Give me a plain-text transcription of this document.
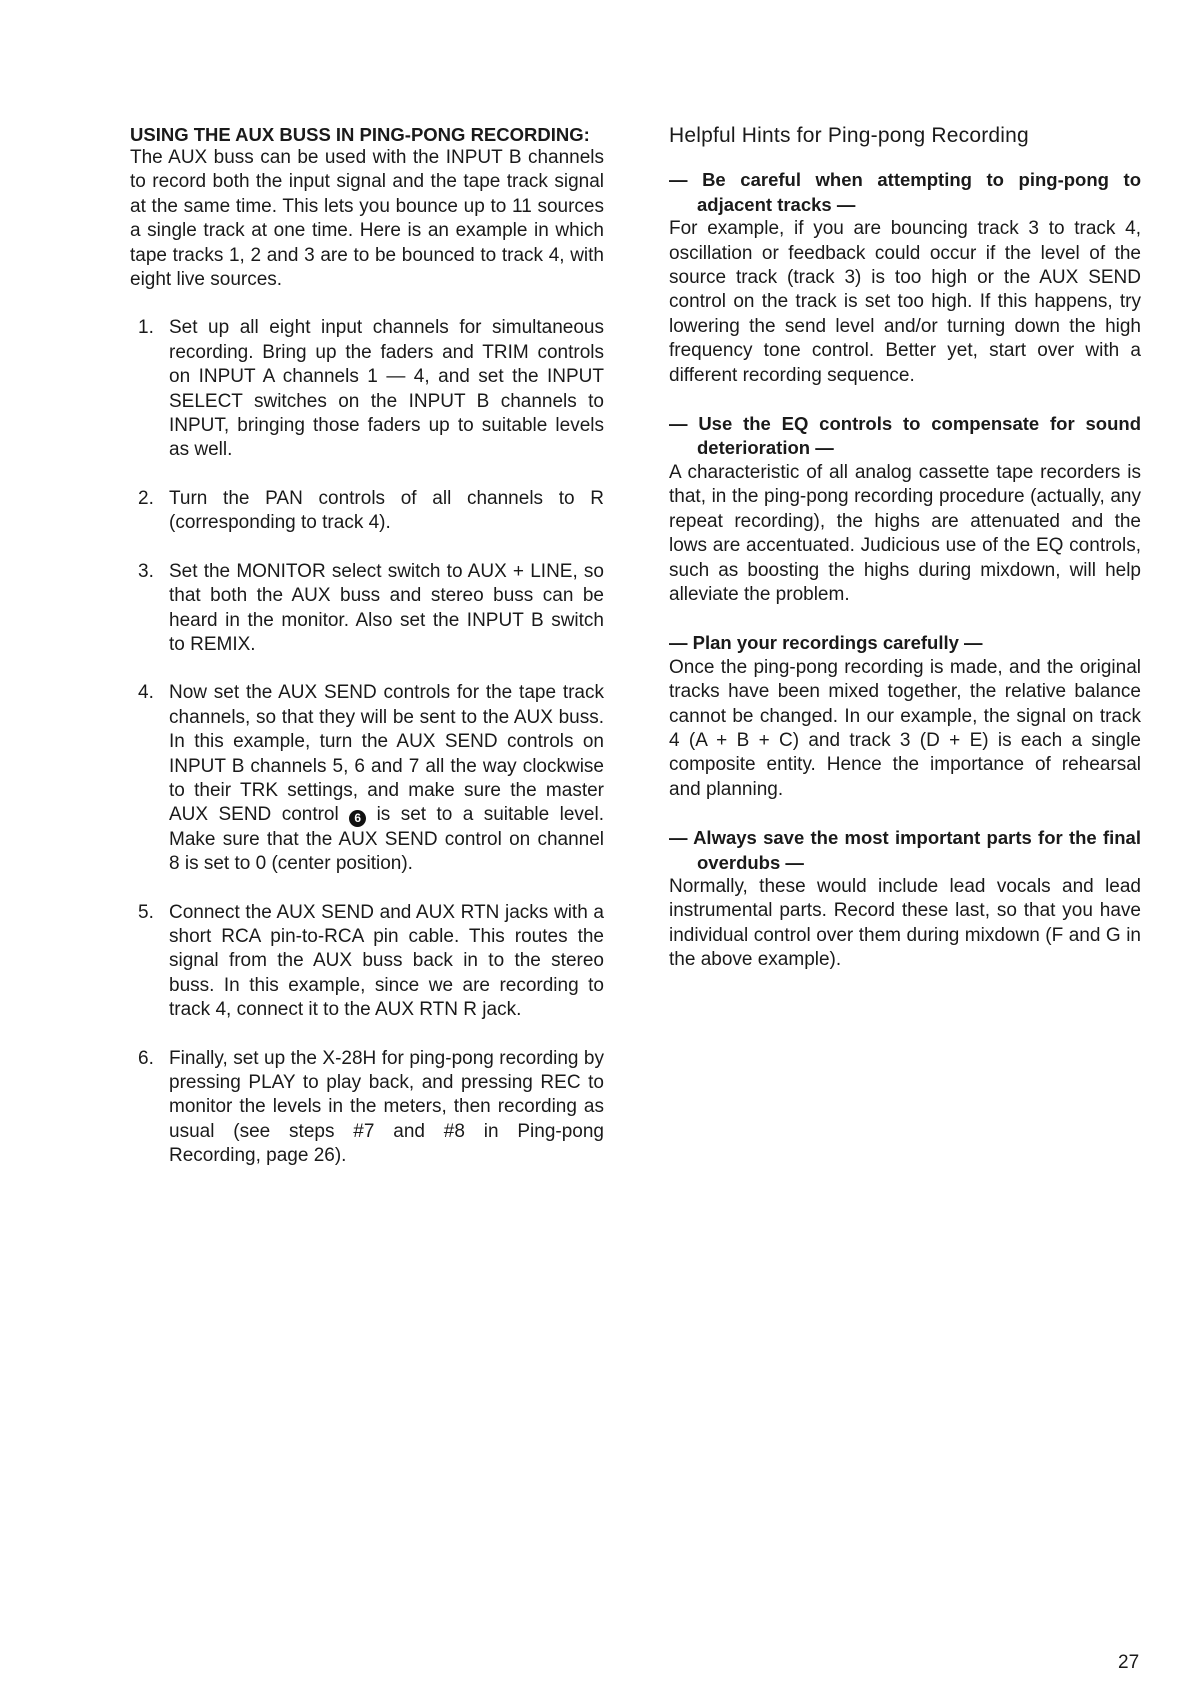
USING THE AUX BUSS IN PING-PONG RECORDING:

The AUX buss can be used with the INPUT B channels to record both the input signal and the tape track signal at the same time. This lets you bounce up to 11 sources a single track at one time. Here is an example in which tape tracks 1, 2 and 3 are to be bounced to track 4, with eight live sources.

1. Set up all eight input channels for simultaneous recording. Bring up the faders and TRIM controls on INPUT A channels 1 — 4, and set the INPUT SELECT switches on the INPUT B channels to INPUT, bringing those faders up to suitable levels as well.
2. Turn the PAN controls of all channels to R (corresponding to track 4).
3. Set the MONITOR select switch to AUX + LINE, so that both the AUX buss and stereo buss can be heard in the monitor. Also set the INPUT B switch to REMIX.
4. Now set the AUX SEND controls for the tape track channels, so that they will be sent to the AUX buss. In this example, turn the AUX SEND controls on INPUT B channels 5, 6 and 7 all the way clockwise to their TRK settings, and make sure the master AUX SEND control 6 is set to a suitable level. Make sure that the AUX SEND control on channel 8 is set to 0 (center position).
5. Connect the AUX SEND and AUX RTN jacks with a short RCA pin-to-RCA pin cable. This routes the signal from the AUX buss back in to the stereo buss. In this example, since we are recording to track 4, connect it to the AUX RTN R jack.
6. Finally, set up the X-28H for ping-pong recording by pressing PLAY to play back, and pressing REC to monitor the levels in the meters, then recording as usual (see steps #7 and #8 in Ping-pong Recording, page 26).
Helpful Hints for Ping-pong Recording

— Be careful when attempting to ping-pong to adjacent tracks —

For example, if you are bouncing track 3 to track 4, oscillation or feedback could occur if the level of the source track (track 3) is too high or the AUX SEND control on the track is set too high. If this happens, try lowering the send level and/or turning down the high frequency tone control. Better yet, start over with a different recording sequence.

— Use the EQ controls to compensate for sound deterioration —

A characteristic of all analog cassette tape recorders is that, in the ping-pong recording procedure (actually, any repeat recording), the highs are attenuated and the lows are accentuated. Judicious use of the EQ controls, such as boosting the highs during mixdown, will help alleviate the problem.

— Plan your recordings carefully —

Once the ping-pong recording is made, and the original tracks have been mixed together, the relative balance cannot be changed. In our example, the signal on track 4 (A + B + C) and track 3 (D + E) is each a single composite entity. Hence the importance of rehearsal and planning.

— Always save the most important parts for the final overdubs —

Normally, these would include lead vocals and lead instrumental parts. Record these last, so that you have individual control over them during mixdown (F and G in the above example).

27
